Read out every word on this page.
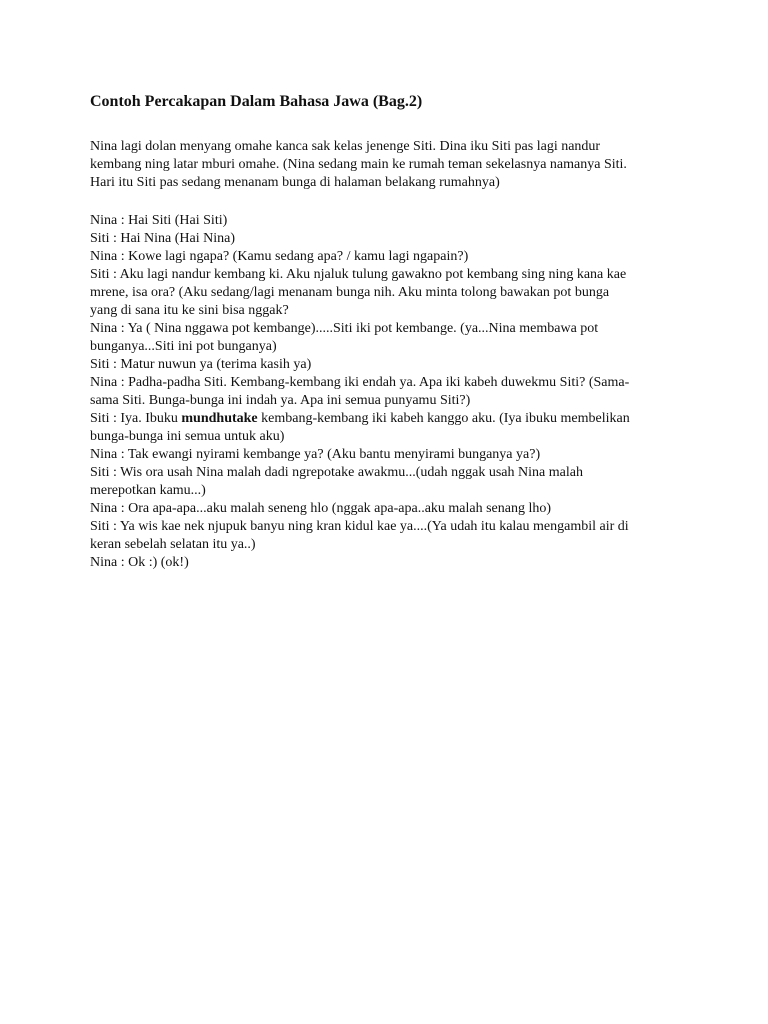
Contoh Percakapan Dalam Bahasa Jawa (Bag.2)
Nina lagi dolan menyang omahe kanca sak kelas jenenge Siti. Dina iku Siti pas lagi nandur
kembang ning latar mburi omahe. (Nina sedang main ke rumah teman sekelasnya namanya Siti.
Hari itu Siti pas sedang menanam bunga di halaman belakang rumahnya)
Nina : Hai Siti (Hai Siti)
Siti : Hai Nina (Hai Nina)
Nina : Kowe lagi ngapa? (Kamu sedang apa? / kamu lagi ngapain?)
Siti : Aku lagi nandur kembang ki. Aku njaluk tulung gawakno pot kembang sing ning kana kae
mrene, isa ora? (Aku sedang/lagi menanam bunga nih. Aku minta tolong bawakan pot bunga
yang di sana itu ke sini bisa nggak?
Nina : Ya ( Nina nggawa pot kembange).....Siti iki pot kembange. (ya...Nina membawa pot
bunganya...Siti ini pot bunganya)
Siti : Matur nuwun ya (terima kasih ya)
Nina : Padha-padha Siti. Kembang-kembang iki endah ya. Apa iki kabeh duwekmu Siti? (Sama-
sama Siti. Bunga-bunga ini indah ya. Apa ini semua punyamu Siti?)
Siti : Iya. Ibuku mundhutake kembang-kembang iki kabeh kanggo aku. (Iya ibuku membelikan
bunga-bunga ini semua untuk aku)
Nina : Tak ewangi nyirami kembange ya? (Aku bantu menyirami bunganya ya?)
Siti : Wis ora usah Nina malah dadi ngrepotake awakmu...(udah nggak usah Nina malah
merepotkan kamu...)
Nina : Ora apa-apa...aku malah seneng hlo (nggak apa-apa..aku malah senang lho)
Siti : Ya wis kae nek njupuk banyu ning kran kidul kae ya....(Ya udah itu kalau mengambil air di
keran sebelah selatan itu ya..)
Nina : Ok :) (ok!)
